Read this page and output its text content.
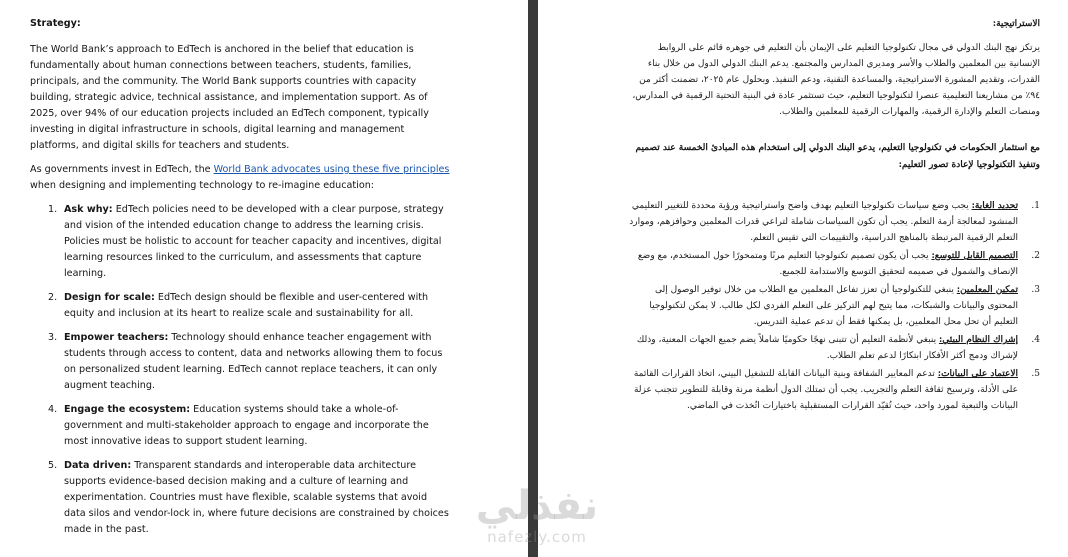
Strategy:

The World Bank’s approach to EdTech is anchored in the belief that education is fundamentally about human connections between teachers, students, families, principals, and the community. The World Bank supports countries with capacity building, strategic advice, technical assistance, and implementation support. As of 2025, over 94% of our education projects included an EdTech component, typically investing in digital infrastructure in schools, digital learning and management platforms, and digital skills for teachers and students.

As governments invest in EdTech, the World Bank advocates using these five principles when designing and implementing technology to re-imagine education:

1. Ask why: EdTech policies need to be developed with a clear purpose, strategy and vision of the intended education change to address the learning crisis. Policies must be holistic to account for teacher capacity and incentives, digital learning resources linked to the curriculum, and assessments that capture learning.
2. Design for scale: EdTech design should be flexible and user-centered with equity and inclusion at its heart to realize scale and sustainability for all.
3. Empower teachers: Technology should enhance teacher engagement with students through access to content, data and networks allowing them to focus on personalized student learning. EdTech cannot replace teachers, it can only augment teaching.
4. Engage the ecosystem: Education systems should take a whole-of-government and multi-stakeholder approach to engage and incorporate the most innovative ideas to support student learning.
5. Data driven: Transparent standards and interoperable data architecture supports evidence-based decision making and a culture of learning and experimentation. Countries must have flexible, scalable systems that avoid data silos and vendor-lock in, where future decisions are constrained by choices made in the past.
الاستراتيجية:

يرتكز نهج البنك الدولي في مجال تكنولوجيا التعليم على الإيمان بأن التعليم في جوهره قائم على الروابط الإنسانية بين المعلمين والطلاب والأسر ومديري المدارس والمجتمع. يدعم البنك الدولي الدول من خلال بناء القدرات، وتقديم المشورة الاستراتيجية، والمساعدة التقنية، ودعم التنفيذ. وبحلول عام ٢٠٢٥، تضمنت أكثر من ٩٤٪ من مشاريعنا التعليمية عنصرا لتكنولوجيا التعليم، حيث تستثمر عادة في البنية التحتية الرقمية في المدارس، ومنصات التعلم والإدارة الرقمية، والمهارات الرقمية للمعلمين والطلاب.

مع استثمار الحكومات في تكنولوجيا التعليم، يدعو البنك الدولي إلى استخدام هذه المبادئ الخمسة عند تصميم وتنفيذ التكنولوجيا لإعادة تصور التعليم:
.1
تحديد الغاية: يجب وضع سياسات تكنولوجيا التعليم بهدف واضح واستراتيجية ورؤية محددة للتغيير التعليمي المنشود لمعالجة أزمة التعلم. يجب أن تكون السياسات شاملة لتراعي قدرات المعلمين وحوافزهم، وموارد التعلم الرقمية المرتبطة بالمناهج الدراسية، والتقييمات التي تقيس التعلم.
.2
التصميم القابل للتوسع: يجب أن يكون تصميم تكنولوجيا التعليم مرنًا ومتمحورًا حول المستخدم، مع وضع الإنصاف والشمول في صميمه لتحقيق التوسع والاستدامة للجميع.
.3
تمكين المعلمين: ينبغي للتكنولوجيا أن تعزز تفاعل المعلمين مع الطلاب من خلال توفير الوصول إلى المحتوى والبيانات والشبكات، مما يتيح لهم التركيز على التعلم الفردي لكل طالب. لا يمكن لتكنولوجيا التعليم أن تحل محل المعلمين، بل يمكنها فقط أن تدعم عملية التدريس.
.4
إشراك النظام البيئي: ينبغي لأنظمة التعليم أن تتبنى نهجًا حكوميًا شاملاً يضم جميع الجهات المعنية، وذلك لإشراك ودمج أكثر الأفكار ابتكارًا لدعم تعلم الطلاب.
.5
الاعتماد على البيانات: تدعم المعايير الشفافة وبنية البيانات القابلة للتشغيل البيني، اتخاذ القرارات القائمة على الأدلة، وترسيخ ثقافة التعلم والتجريب. يجب أن تمتلك الدول أنظمة مرنة وقابلة للتطوير تتجنب عزلة البيانات والتبعية لمورد واحد، حيث تُقيّد القرارات المستقبلية باختيارات اتُخذت في الماضي.
نفذلي
nafezly.com
